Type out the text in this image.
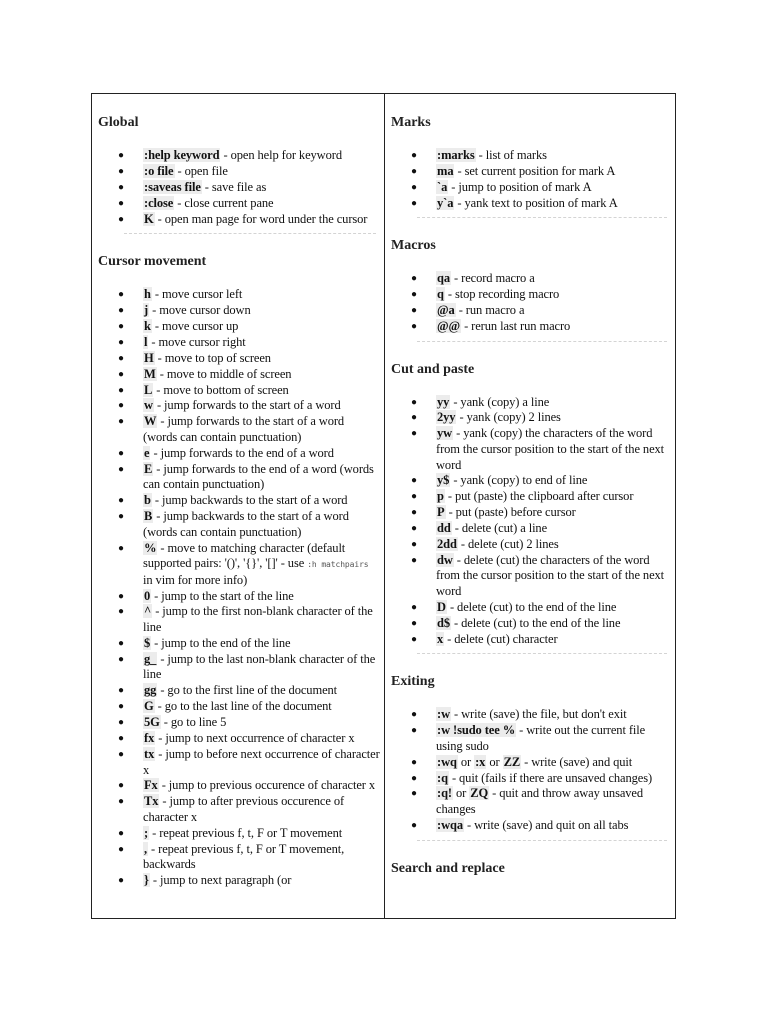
Global
● :help keyword - open help for keyword
● :o file - open file
● :saveas file - save file as
● :close - close current pane
● K - open man page for word under the cursor
Cursor movement
● h - move cursor left
● j - move cursor down
● k - move cursor up
● l - move cursor right
● H - move to top of screen
● M - move to middle of screen
● L - move to bottom of screen
● w - jump forwards to the start of a word
● W - jump forwards to the start of a word (words can contain punctuation)
● e - jump forwards to the end of a word
● E - jump forwards to the end of a word (words can contain punctuation)
● b - jump backwards to the start of a word
● B - jump backwards to the start of a word (words can contain punctuation)
● % - move to matching character (default supported pairs: '()', '{}', '[]' - use :h matchpairs in vim for more info)
● 0 - jump to the start of the line
● ^ - jump to the first non-blank character of the line
● $ - jump to the end of the line
● g_ - jump to the last non-blank character of the line
● gg - go to the first line of the document
● G - go to the last line of the document
● 5G - go to line 5
● fx - jump to next occurrence of character x
● tx - jump to before next occurrence of character x
● Fx - jump to previous occurence of character x
● Tx - jump to after previous occurence of character x
● ; - repeat previous f, t, F or T movement
● , - repeat previous f, t, F or T movement, backwards
● } - jump to next paragraph (or
Marks
● :marks - list of marks
● ma - set current position for mark A
● `a - jump to position of mark A
● y`a - yank text to position of mark A
Macros
● qa - record macro a
● q - stop recording macro
● @a - run macro a
● @@ - rerun last run macro
Cut and paste
● yy - yank (copy) a line
● 2yy - yank (copy) 2 lines
● yw - yank (copy) the characters of the word from the cursor position to the start of the next word
● y$ - yank (copy) to end of line
● p - put (paste) the clipboard after cursor
● P - put (paste) before cursor
● dd - delete (cut) a line
● 2dd - delete (cut) 2 lines
● dw - delete (cut) the characters of the word from the cursor position to the start of the next word
● D - delete (cut) to the end of the line
● d$ - delete (cut) to the end of the line
● x - delete (cut) character
Exiting
● :w - write (save) the file, but don't exit
● :w !sudo tee % - write out the current file using sudo
● :wq or :x or ZZ - write (save) and quit
● :q - quit (fails if there are unsaved changes)
● :q! or ZQ - quit and throw away unsaved changes
● :wqa - write (save) and quit on all tabs
Search and replace
